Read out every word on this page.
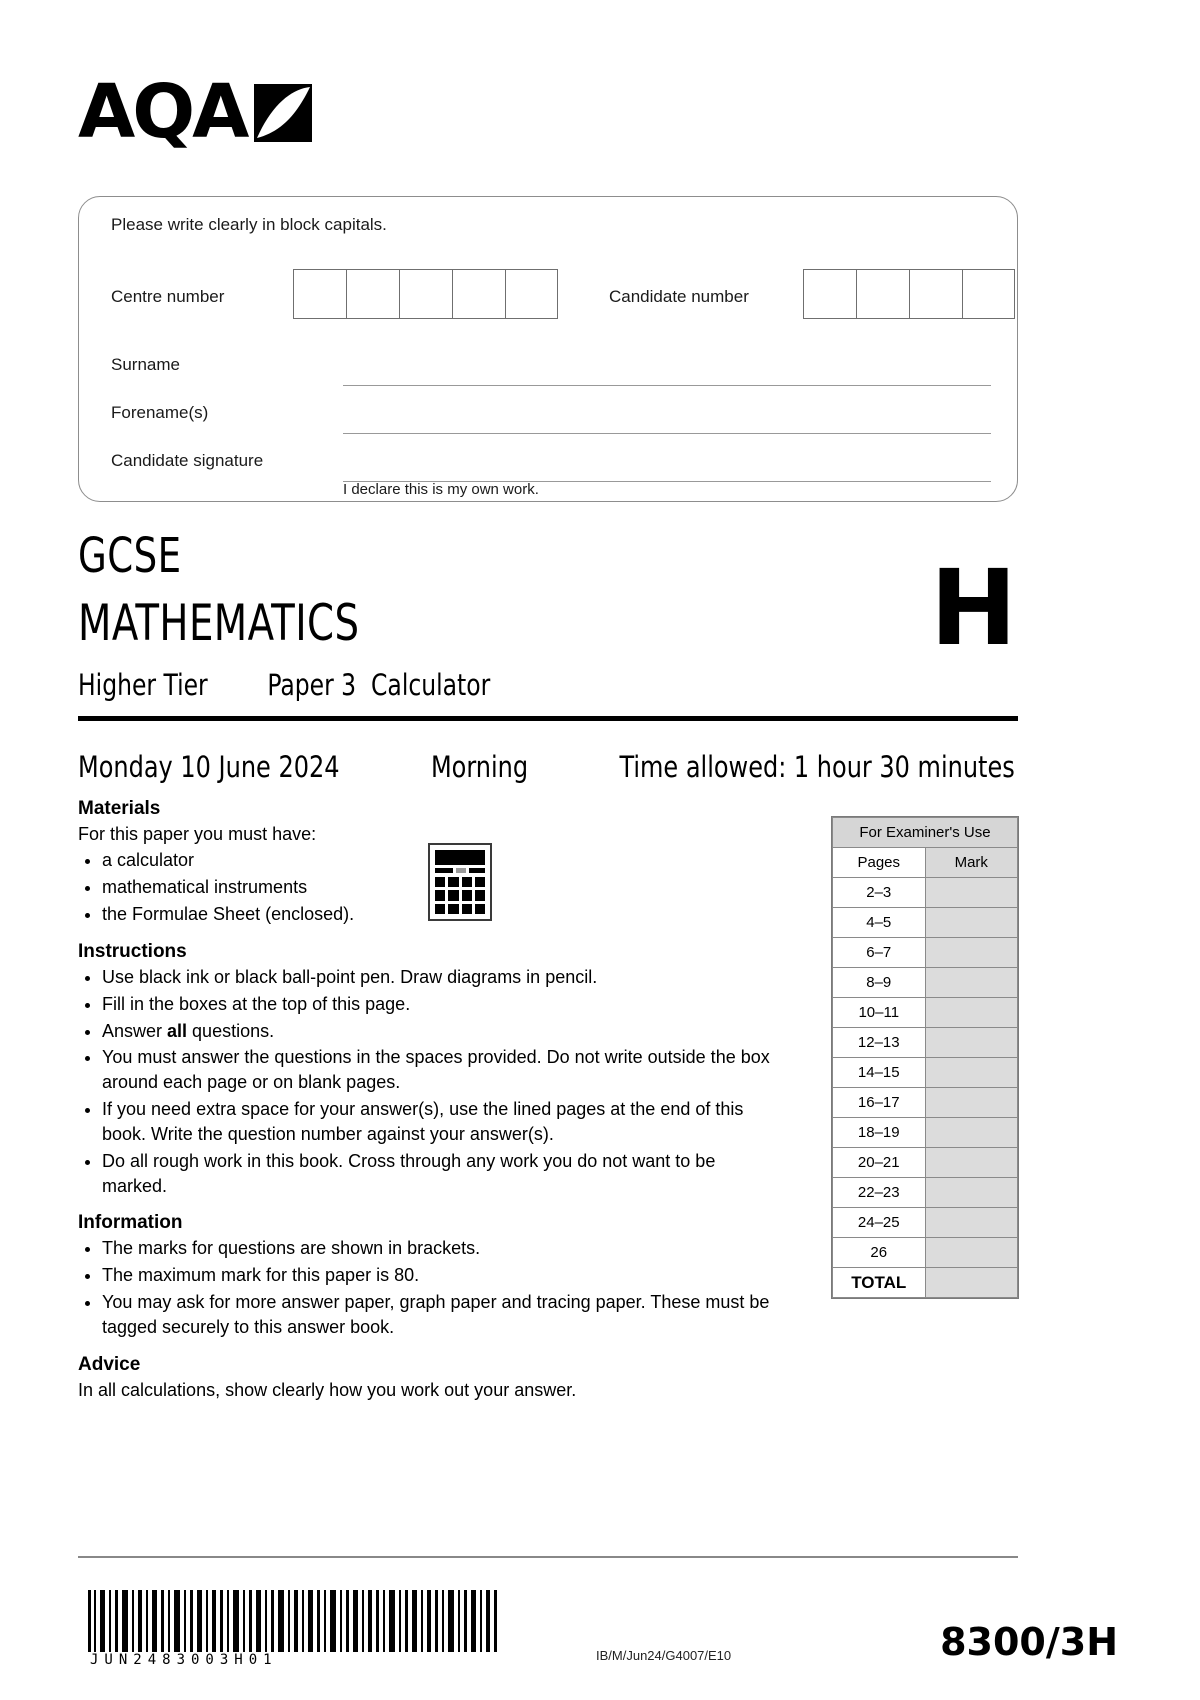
AQA
Please write clearly in block capitals.
Centre number	Candidate number
Surname
Forename(s)
Candidate signature
I declare this is my own work.
GCSE
MATHEMATICS
Higher Tier        Paper 3  Calculator
H
Monday 10 June 2024            Morning            Time allowed: 1 hour 30 minutes
Materials
For this paper you must have:
• a calculator
• mathematical instruments
• the Formulae Sheet (enclosed).
Instructions
• Use black ink or black ball-point pen. Draw diagrams in pencil.
• Fill in the boxes at the top of this page.
• Answer all questions.
• You must answer the questions in the spaces provided. Do not write outside the box around each page or on blank pages.
• If you need extra space for your answer(s), use the lined pages at the end of this book. Write the question number against your answer(s).
• Do all rough work in this book. Cross through any work you do not want to be marked.
Information
• The marks for questions are shown in brackets.
• The maximum mark for this paper is 80.
• You may ask for more answer paper, graph paper and tracing paper. These must be tagged securely to this answer book.
Advice
In all calculations, show clearly how you work out your answer.
For Examiner's Use	
Pages	Mark
2–3	
4–5	
6–7	
8–9	
10–11	
12–13	
14–15	
16–17	
18–19	
20–21	
22–23	
24–25	
26	
TOTAL	
JUN2483003H01	IB/M/Jun24/G4007/E10	8300/3H
